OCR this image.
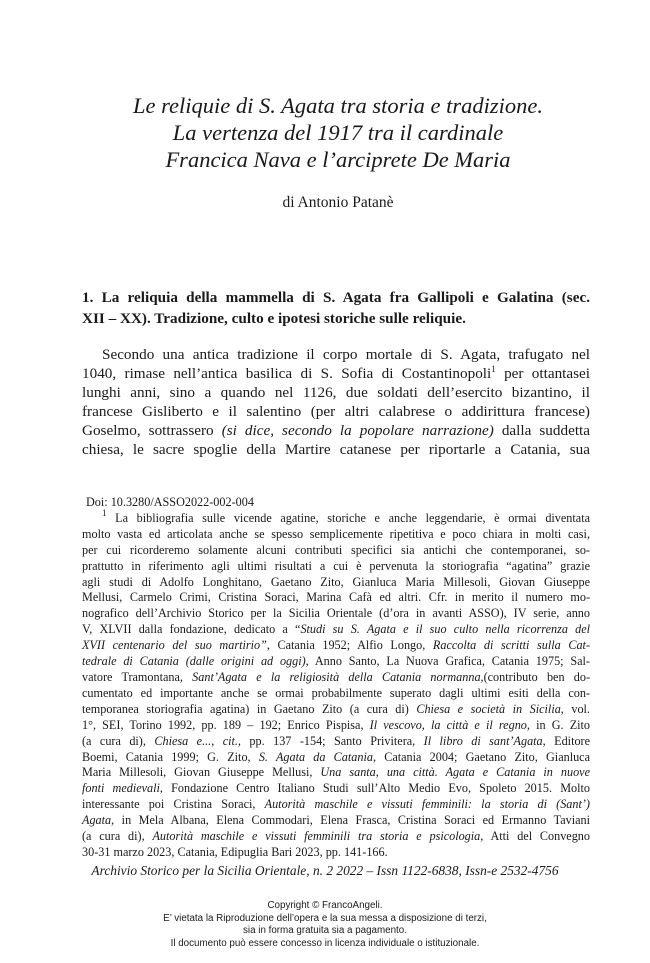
Le reliquie di S. Agata tra storia e tradizione.
La vertenza del 1917 tra il cardinale
Francica Nava e l’arciprete De Maria
di Antonio Patanè
1. La reliquia della mammella di S. Agata fra Gallipoli e Galatina (sec.
XII – XX). Tradizione, culto e ipotesi storiche sulle reliquie.
Secondo una antica tradizione il corpo mortale di S. Agata, trafugato nel
1040, rimase nell’antica basilica di S. Sofia di Costantinopoli$^1$ per ottantasei
lunghi anni, sino a quando nel 1126, due soldati dell’esercito bizantino, il
francese Gisliberto e il salentino (per altri calabrese o addirittura francese)
Goselmo, sottrassero (si dice, secondo la popolare narrazione) dalla suddetta
chiesa, le sacre spoglie della Martire catanese per riportarle a Catania, sua
Doi: 10.3280/ASSO2022-002-004
$^1$ La bibliografia sulle vicende agatine, storiche e anche leggendarie, è ormai diventata
molto vasta ed articolata anche se spesso semplicemente ripetitiva e poco chiara in molti casi,
per cui ricorderemo solamente alcuni contributi specifici sia antichi che contemporanei, so-
prattutto in riferimento agli ultimi risultati a cui è pervenuta la storiografia “agatina” grazie
agli studi di Adolfo Longhitano, Gaetano Zito, Gianluca Maria Millesoli, Giovan Giuseppe
Mellusi, Carmelo Crimi, Cristina Soraci, Marina Cafà ed altri. Cfr. in merito il numero mo-
nografico dell’Archivio Storico per la Sicilia Orientale (d’ora in avanti ASSO), IV serie, anno
V, XLVII dalla fondazione, dedicato a “Studi su S. Agata e il suo culto nella ricorrenza del
XVII centenario del suo martirio”, Catania 1952; Alfio Longo, Raccolta di scritti sulla Cat-
tedrale di Catania (dalle origini ad oggi), Anno Santo, La Nuova Grafica, Catania 1975; Sal-
vatore Tramontana, Sant’Agata e la religiosità della Catania normanna,(contributo ben do-
cumentato ed importante anche se ormai probabilmente superato dagli ultimi esiti della con-
temporanea storiografia agatina) in Gaetano Zito (a cura di) Chiesa e società in Sicilia, vol.
1°, SEI, Torino 1992, pp. 189 – 192; Enrico Pispisa, Il vescovo, la città e il regno, in G. Zito
(a cura di), Chiesa e..., cit., pp. 137 -154; Santo Privitera, Il libro di sant’Agata, Editore
Boemi, Catania 1999; G. Zito, S. Agata da Catania, Catania 2004; Gaetano Zito, Gianluca
Maria Millesoli, Giovan Giuseppe Mellusi, Una santa, una città. Agata e Catania in nuove
fonti medievali, Fondazione Centro Italiano Studi sull’Alto Medio Evo, Spoleto 2015. Molto
interessante poi Cristina Soraci, Autorità maschile e vissuti femminili: la storia di (Sant’)
Agata, in Mela Albana, Elena Commodari, Elena Frasca, Cristina Soraci ed Ermanno Taviani
(a cura di), Autorità maschile e vissuti femminili tra storia e psicologia, Atti del Convegno
30-31 marzo 2023, Catania, Edipuglia Bari 2023, pp. 141-166.
Archivio Storico per la Sicilia Orientale, n. 2 2022 – Issn 1122-6838, Issn-e 2532-4756
Copyright © FrancoAngeli.
E’ vietata la Riproduzione dell’opera e la sua messa a disposizione di terzi,
sia in forma gratuita sia a pagamento.
Il documento può essere concesso in licenza individuale o istituzionale.
